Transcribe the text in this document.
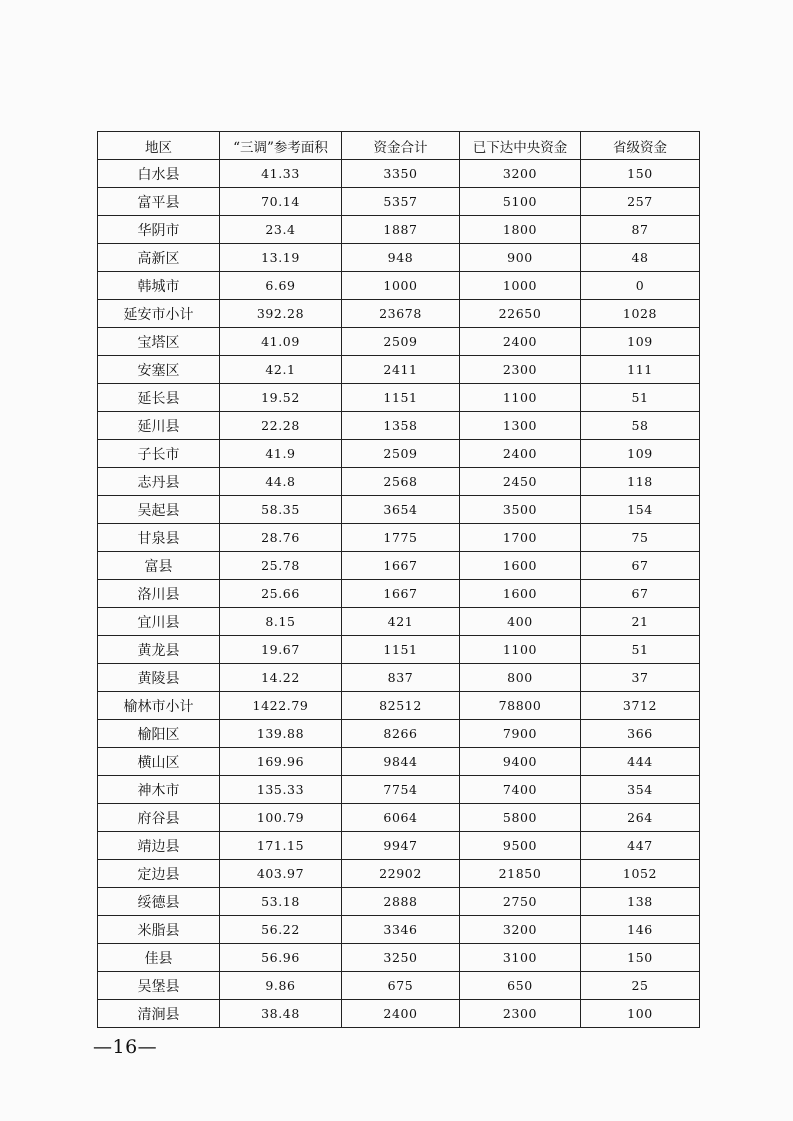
地区	“三调”参考面积	资金合计	已下达中央资金	省级资金
白水县	41.33	3350	3200	150
富平县	70.14	5357	5100	257
华阴市	23.4	1887	1800	87
高新区	13.19	948	900	48
韩城市	6.69	1000	1000	0
延安市小计	392.28	23678	22650	1028
宝塔区	41.09	2509	2400	109
安塞区	42.1	2411	2300	111
延长县	19.52	1151	1100	51
延川县	22.28	1358	1300	58
子长市	41.9	2509	2400	109
志丹县	44.8	2568	2450	118
吴起县	58.35	3654	3500	154
甘泉县	28.76	1775	1700	75
富县	25.78	1667	1600	67
洛川县	25.66	1667	1600	67
宜川县	8.15	421	400	21
黄龙县	19.67	1151	1100	51
黄陵县	14.22	837	800	37
榆林市小计	1422.79	82512	78800	3712
榆阳区	139.88	8266	7900	366
横山区	169.96	9844	9400	444
神木市	135.33	7754	7400	354
府谷县	100.79	6064	5800	264
靖边县	171.15	9947	9500	447
定边县	403.97	22902	21850	1052
绥德县	53.18	2888	2750	138
米脂县	56.22	3346	3200	146
佳县	56.96	3250	3100	150
吴堡县	9.86	675	650	25
清涧县	38.48	2400	2300	100
—16—
